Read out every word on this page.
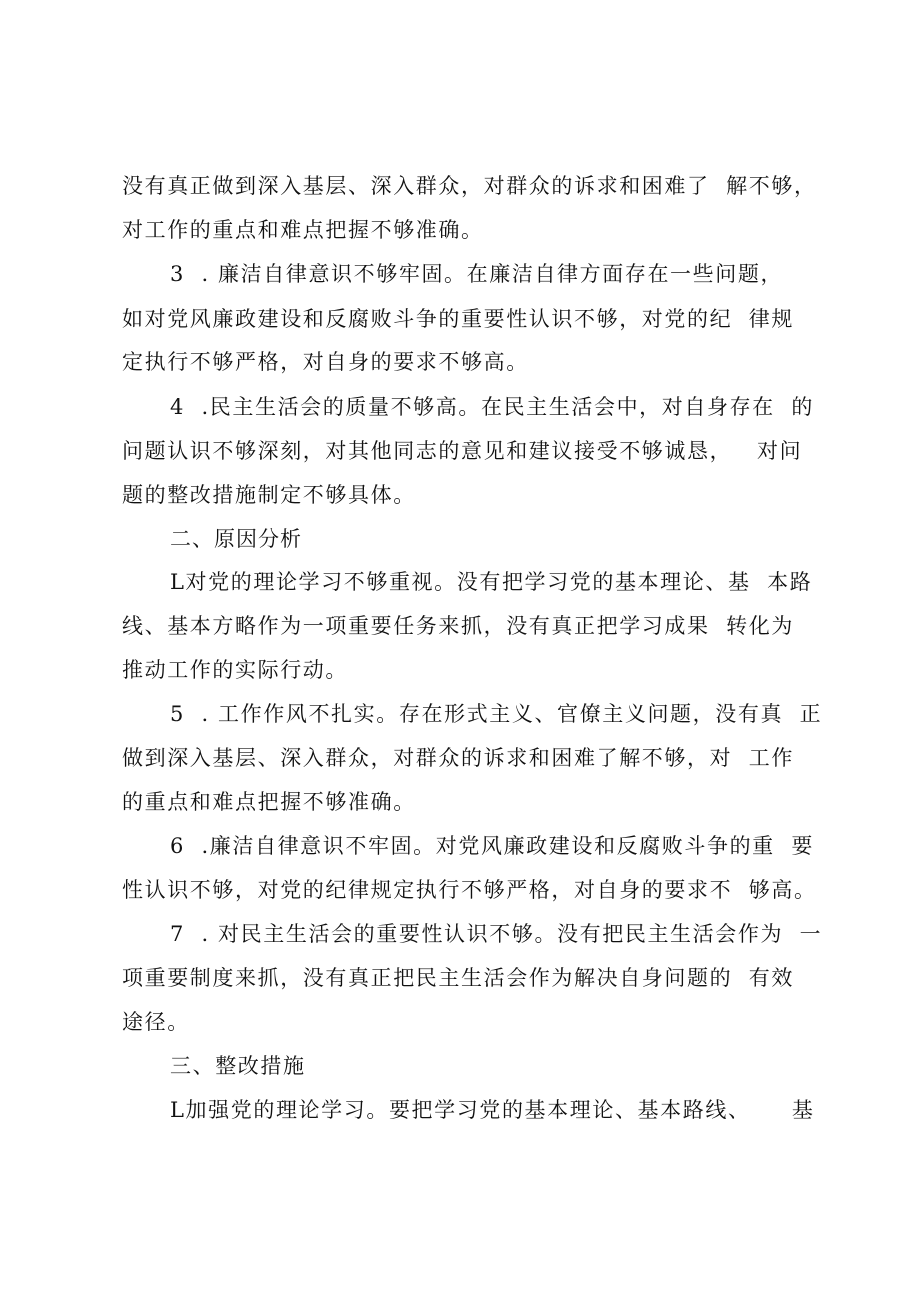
没有真正做到深入基层、深入群众，对群众的诉求和困难了  解不够，
对工作的重点和难点把握不够准确。
3  . 廉洁自律意识不够牢固。在廉洁自律方面存在一些问题，
如对党风廉政建设和反腐败斗争的重要性认识不够，对党的纪  律规
定执行不够严格，对自身的要求不够高。
4  .民主生活会的质量不够高。在民主生活会中，对自身存在  的
问题认识不够深刻，对其他同志的意见和建议接受不够诚恳，   对问
题的整改措施制定不够具体。
二、原因分析
L对党的理论学习不够重视。没有把学习党的基本理论、基  本路
线、基本方略作为一项重要任务来抓，没有真正把学习成果  转化为
推动工作的实际行动。
5  . 工作作风不扎实。存在形式主义、官僚主义问题，没有真  正
做到深入基层、深入群众，对群众的诉求和困难了解不够，对  工作
的重点和难点把握不够准确。
6  .廉洁自律意识不牢固。对党风廉政建设和反腐败斗争的重  要
性认识不够，对党的纪律规定执行不够严格，对自身的要求不  够高。
7  . 对民主生活会的重要性认识不够。没有把民主生活会作为  一
项重要制度来抓，没有真正把民主生活会作为解决自身问题的  有效
途径。
三、整改措施
L加强党的理论学习。要把学习党的基本理论、基本路线、     基
